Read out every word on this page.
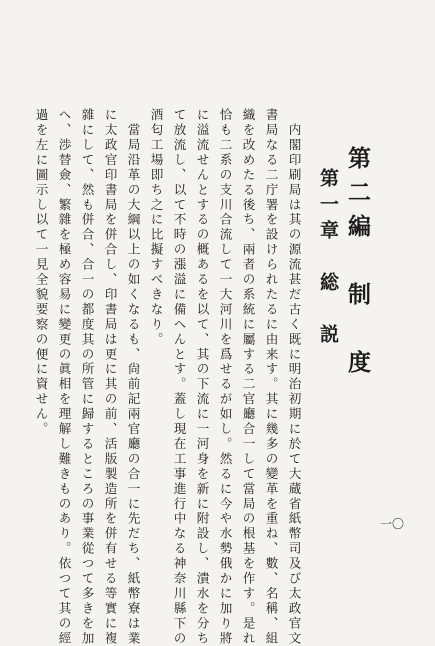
第二編　制　度
第一章　総　説
一〇
　内閣印刷局は其の源流甚だ古く既に明治初期に於て大蔵省紙幣司及び太政官文
書局なる二庁署を設けられたるに由来す。其に幾多の變革を重ね、數、名稱、組
織を改めたる後ち、兩者の系統に屬する二官廳合一して當局の根基を作す。是れ
恰も二系の支川合流して一大河川を爲せるが如し。然るに今や水勢俄かに加り將
に溢流せんとするの概あるを以て、其の下流に一河身を新に附設し、潰水を分ち
て放流し、以て不時の漲溢に備へんとす。蓋し現在工事進行中なる神奈川縣下の
酒匂工場即ち之に比擬すべきなり。
　當局沿革の大綱以上の如くなるも、尙前記兩官廳の合一に先だち、紙幣寮は業
に太政官印書局を併合し、印書局は更に其の前、活版製造所を併有せる等實に複
雜にして、然も併合、合一の都度其の所管に歸するところの事業從つて多きを加
へ、渉替僉、繁雜を極め容易に變更の眞相を理解し難きものあり。依つて其の經
過を左に圖示し以て一見全貌要察の便に資せん。
